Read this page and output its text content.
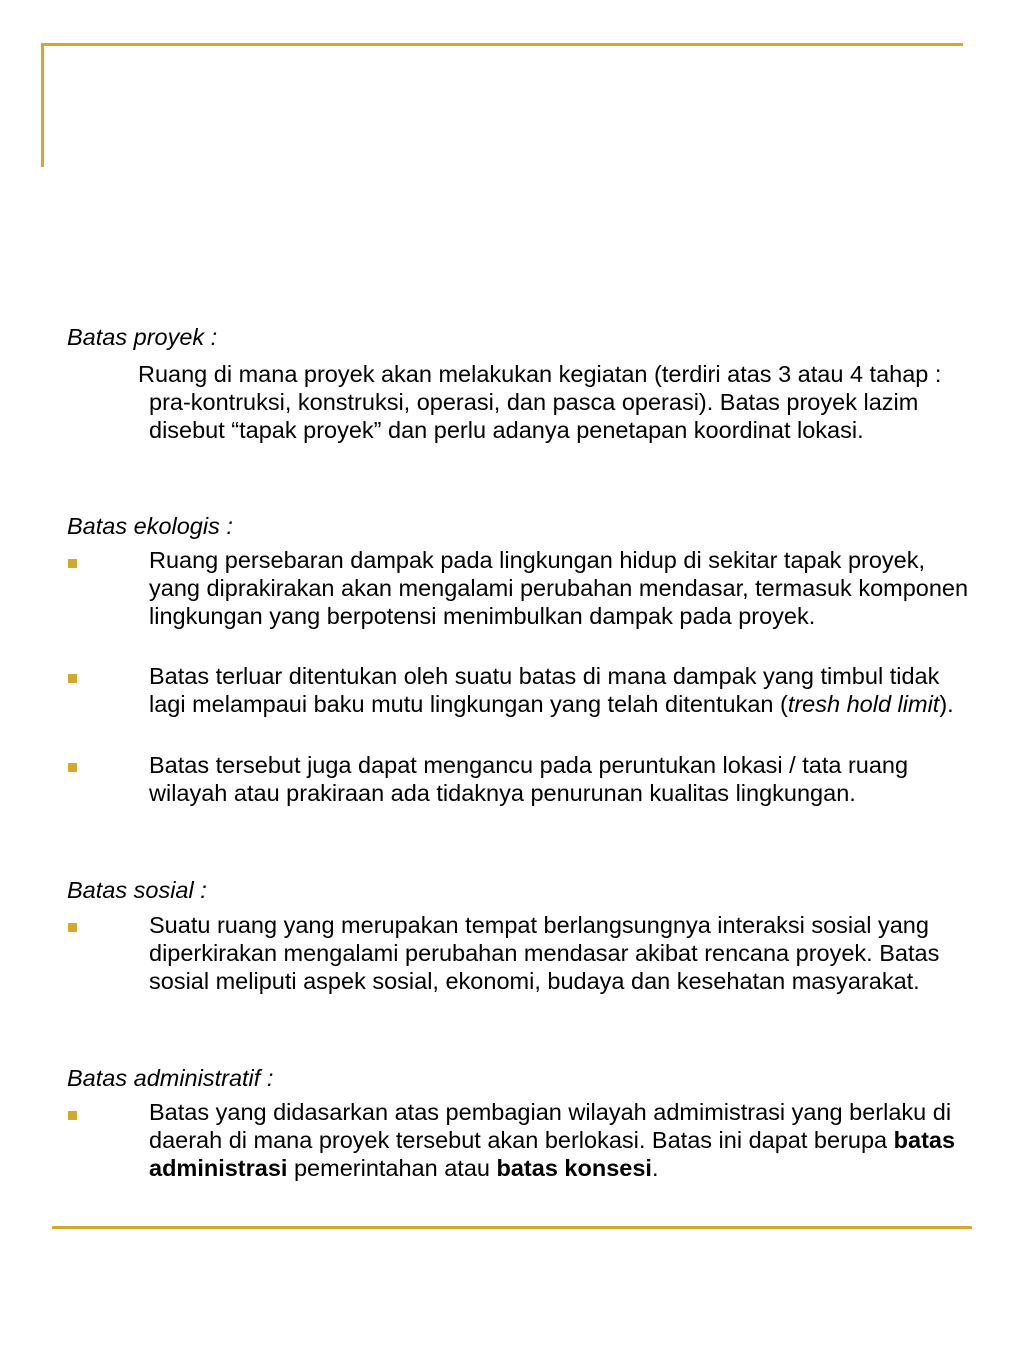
Batas proyek :
Ruang di mana proyek akan melakukan kegiatan (terdiri atas 3 atau 4 tahap : pra-kontruksi, konstruksi, operasi, dan pasca operasi). Batas proyek lazim disebut “tapak proyek” dan perlu adanya penetapan koordinat lokasi.
Batas ekologis :
Ruang persebaran dampak pada lingkungan hidup di sekitar tapak proyek, yang diprakirakan akan mengalami perubahan mendasar, termasuk komponen lingkungan yang berpotensi menimbulkan dampak pada proyek.
Batas terluar ditentukan oleh suatu batas di mana dampak yang timbul tidak lagi melampaui baku mutu lingkungan yang telah ditentukan (tresh hold limit).
Batas tersebut juga dapat mengancu pada peruntukan lokasi / tata ruang wilayah atau prakiraan ada tidaknya penurunan kualitas lingkungan.
Batas sosial :
Suatu ruang yang merupakan tempat berlangsungnya interaksi sosial yang diperkirakan mengalami perubahan mendasar akibat rencana proyek. Batas sosial meliputi aspek sosial, ekonomi, budaya dan kesehatan masyarakat.
Batas administratif :
Batas yang didasarkan atas pembagian wilayah admimistrasi yang berlaku di daerah di mana proyek tersebut akan berlokasi. Batas ini dapat berupa batas administrasi pemerintahan atau batas konsesi.
